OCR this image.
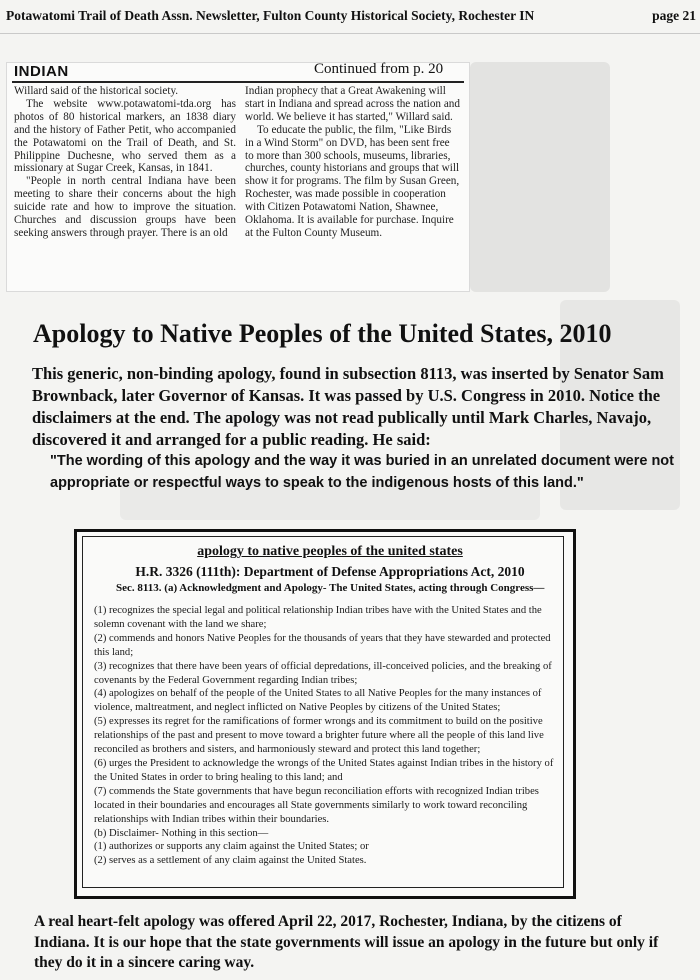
Potawatomi Trail of Death Assn. Newsletter, Fulton County Historical Society, Rochester IN	page 21
INDIAN	Continued from p. 20

Willard said of the historical society.

The website www.potawatomi-tda.org has photos of 80 historical markers, an 1838 diary and the history of Father Petit, who accompanied the Potawatomi on the Trail of Death, and St. Philippine Duchesne, who served them as a missionary at Sugar Creek, Kansas, in 1841.

"People in north central Indiana have been meeting to share their concerns about the high suicide rate and how to improve the situation. Churches and discussion groups have been seeking answers through prayer. There is an old

Indian prophecy that a Great Awakening will start in Indiana and spread across the nation and world. We believe it has started," Willard said.

To educate the public, the film, "Like Birds in a Wind Storm" on DVD, has been sent free to more than 300 schools, museums, libraries, churches, county historians and groups that will show it for programs. The film by Susan Green, Rochester, was made possible in cooperation with Citizen Potawatomi Nation, Shawnee, Oklahoma. It is available for purchase. Inquire at the Fulton County Museum.

Apology to Native Peoples of the United States, 2010
This generic, non-binding apology, found in subsection 8113, was inserted by Senator Sam Brownback, later Governor of Kansas. It was passed by U.S. Congress in 2010. Notice the disclaimers at the end. The apology was not read publically until Mark Charles, Navajo, discovered it and arranged for a public reading. He said:
"The wording of this apology and the way it was buried in an unrelated document were not appropriate or respectful ways to speak to the indigenous hosts of this land."
apology to native peoples of the united states
H.R. 3326 (111th): Department of Defense Appropriations Act, 2010
Sec. 8113. (a) Acknowledgment and Apology- The United States, acting through Congress—

(1) recognizes the special legal and political relationship Indian tribes have with the United States and the solemn covenant with the land we share;

(2) commends and honors Native Peoples for the thousands of years that they have stewarded and protected this land;

(3) recognizes that there have been years of official depredations, ill-conceived policies, and the breaking of covenants by the Federal Government regarding Indian tribes;

(4) apologizes on behalf of the people of the United States to all Native Peoples for the many instances of violence, maltreatment, and neglect inflicted on Native Peoples by citizens of the United States;

(5) expresses its regret for the ramifications of former wrongs and its commitment to build on the positive relationships of the past and present to move toward a brighter future where all the people of this land live reconciled as brothers and sisters, and harmoniously steward and protect this land together;

(6) urges the President to acknowledge the wrongs of the United States against Indian tribes in the history of the United States in order to bring healing to this land; and

(7) commends the State governments that have begun reconciliation efforts with recognized Indian tribes located in their boundaries and encourages all State governments similarly to work toward reconciling relationships with Indian tribes within their boundaries.

(b) Disclaimer- Nothing in this section—

(1) authorizes or supports any claim against the United States; or

(2) serves as a settlement of any claim against the United States.

A real heart-felt apology was offered April 22, 2017, Rochester, Indiana, by the citizens of Indiana. It is our hope that the state governments will issue an apology in the future but only if they do it in a sincere caring way.
